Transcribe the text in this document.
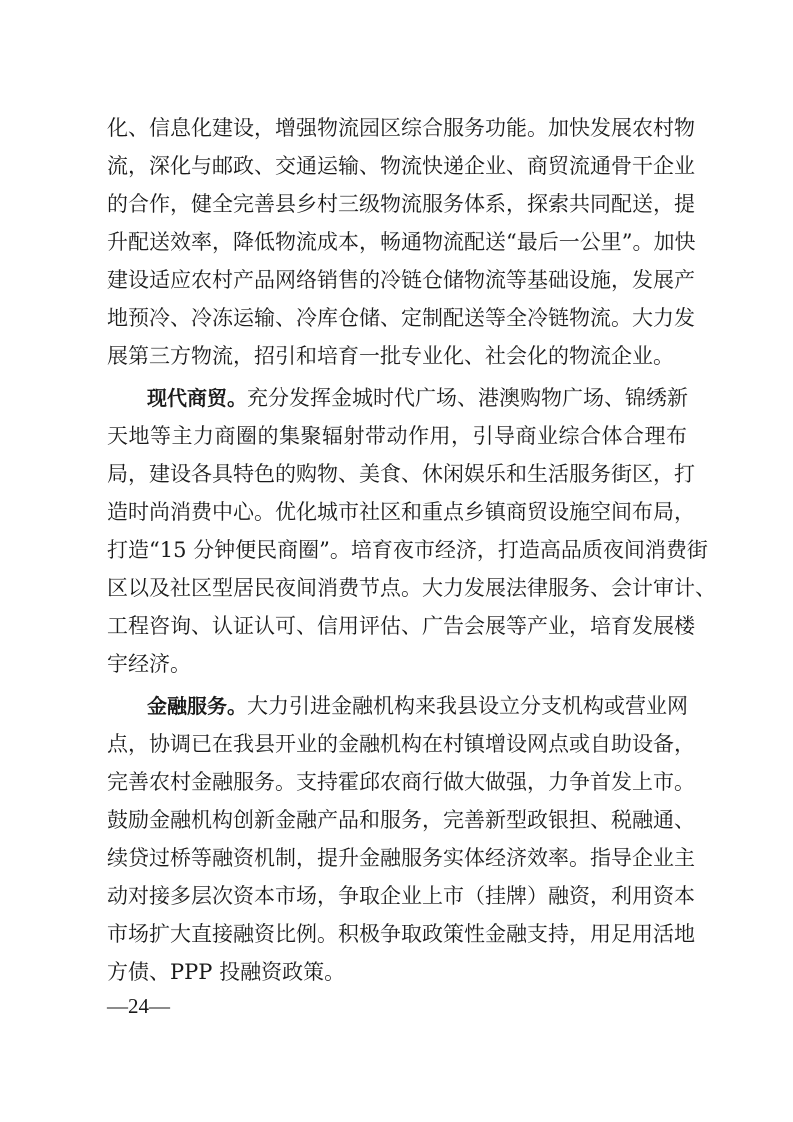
化、信息化建设，增强物流园区综合服务功能。加快发展农村物
流，深化与邮政、交通运输、物流快递企业、商贸流通骨干企业
的合作，健全完善县乡村三级物流服务体系，探索共同配送，提
升配送效率，降低物流成本，畅通物流配送“最后一公里”。加快
建设适应农村产品网络销售的冷链仓储物流等基础设施，发展产
地预冷、冷冻运输、冷库仓储、定制配送等全冷链物流。大力发
展第三方物流，招引和培育一批专业化、社会化的物流企业。
现代商贸。 充分发挥金城时代广场、港澳购物广场、锦绣新
天地等主力商圈的集聚辐射带动作用，引导商业综合体合理布
局，建设各具特色的购物、美食、休闲娱乐和生活服务街区，打
造时尚消费中心。优化城市社区和重点乡镇商贸设施空间布局，
打造“15 分钟便民商圈”。培育夜市经济，打造高品质夜间消费街
区以及社区型居民夜间消费节点。大力发展法律服务、会计审计、
工程咨询、认证认可、信用评估、广告会展等产业，培育发展楼
宇经济。
金融服务。 大力引进金融机构来我县设立分支机构或营业网
点，协调已在我县开业的金融机构在村镇增设网点或自助设备，
完善农村金融服务。支持霍邱农商行做大做强，力争首发上市。
鼓励金融机构创新金融产品和服务，完善新型政银担、税融通、
续贷过桥等融资机制，提升金融服务实体经济效率。指导企业主
动对接多层次资本市场，争取企业上市（挂牌）融资，利用资本
市场扩大直接融资比例。积极争取政策性金融支持，用足用活地
方债、PPP 投融资政策。
—24—
